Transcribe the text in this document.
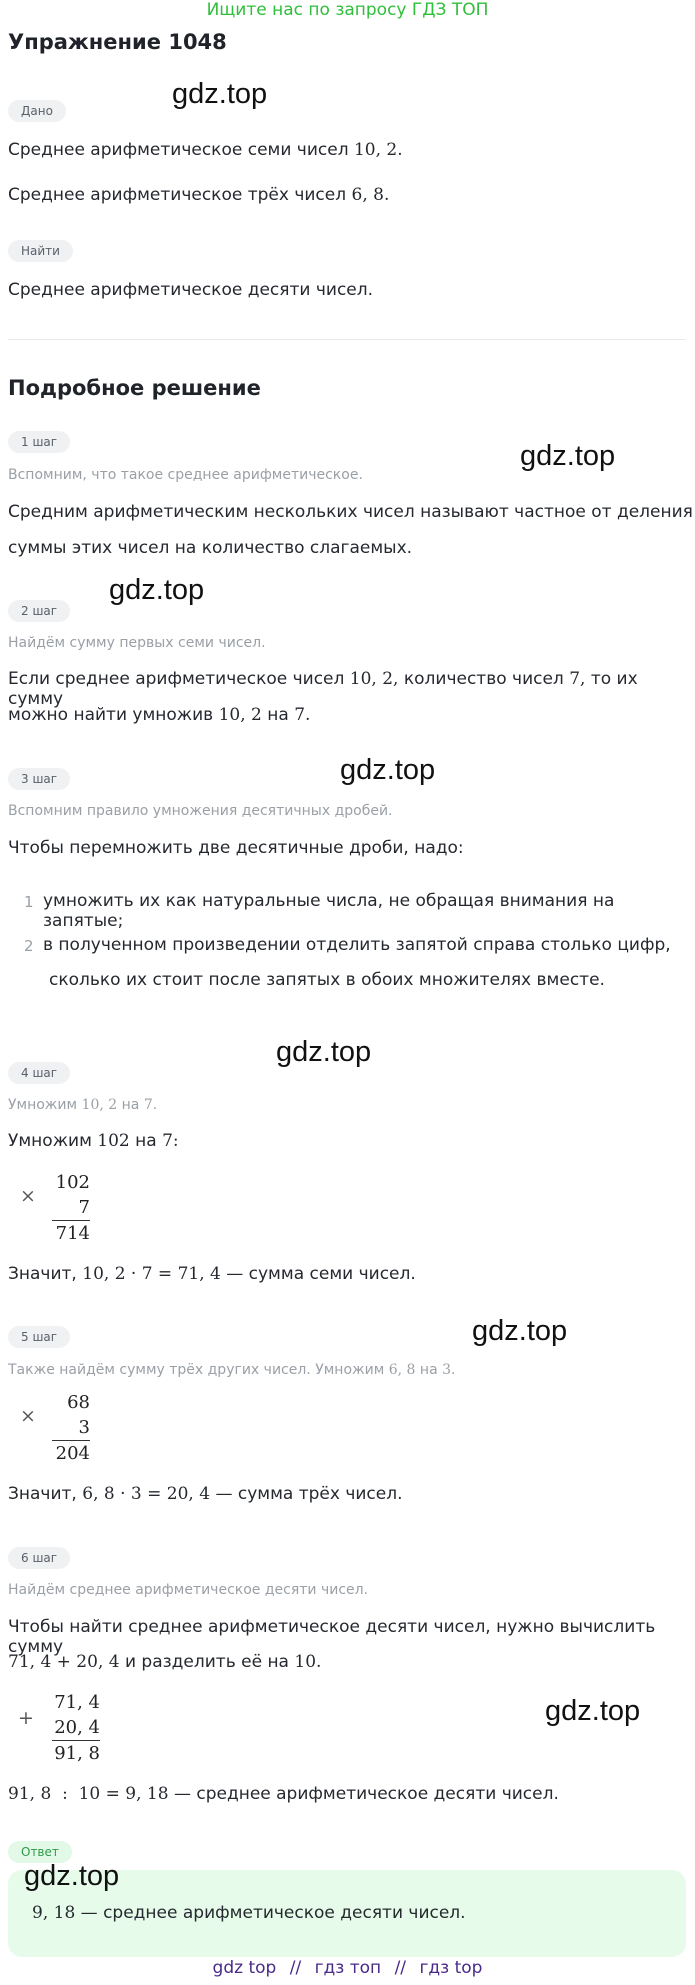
Ищите нас по запросу ГДЗ ТОП
Упражнение 1048
Дано
gdz.top
Среднее арифметическое семи чисел 10, 2.
Среднее арифметическое трёх чисел 6, 8.
Найти
Среднее арифметическое десяти чисел.
Подробное решение
1 шаг	gdz.top
Вспомним, что такое среднее арифметическое.
Средним арифметическим нескольких чисел называют частное от деления
суммы этих чисел на количество слагаемых.
2 шаг
gdz.top
Найдём сумму первых семи чисел.
Если среднее арифметическое чисел 10, 2, количество чисел 7, то их сумму
можно найти умножив 10, 2 на 7.
3 шаг	gdz.top
Вспомним правило умножения десятичных дробей.
Чтобы перемножить две десятичные дроби, надо:
1 умножить их как натуральные числа, не обращая внимания на запятые;
2 в полученном произведении отделить запятой справа столько цифр,
сколько их стоит после запятых в обоих множителях вместе.
4 шаг
gdz.top
Умножим 10, 2 на 7.
Умножим 102 на 7:
×
102
7
714
Значит, 10, 2 · 7 = 71, 4 — сумма семи чисел.
5 шаг	gdz.top
Также найдём сумму трёх других чисел. Умножим 6, 8 на 3.
×
68
3
204
Значит, 6, 8 · 3 = 20, 4 — сумма трёх чисел.
6 шаг
Найдём среднее арифметическое десяти чисел.
Чтобы найти среднее арифметическое десяти чисел, нужно вычислить сумму
71, 4 + 20, 4 и разделить её на 10.
+
71, 4
20, 4
91, 8
gdz.top
91, 8  :  10 = 9, 18 — среднее арифметическое десяти чисел.
Ответ
gdz.top
9, 18 — среднее арифметическое десяти чисел.
gdz top // гдз топ // гдз top
